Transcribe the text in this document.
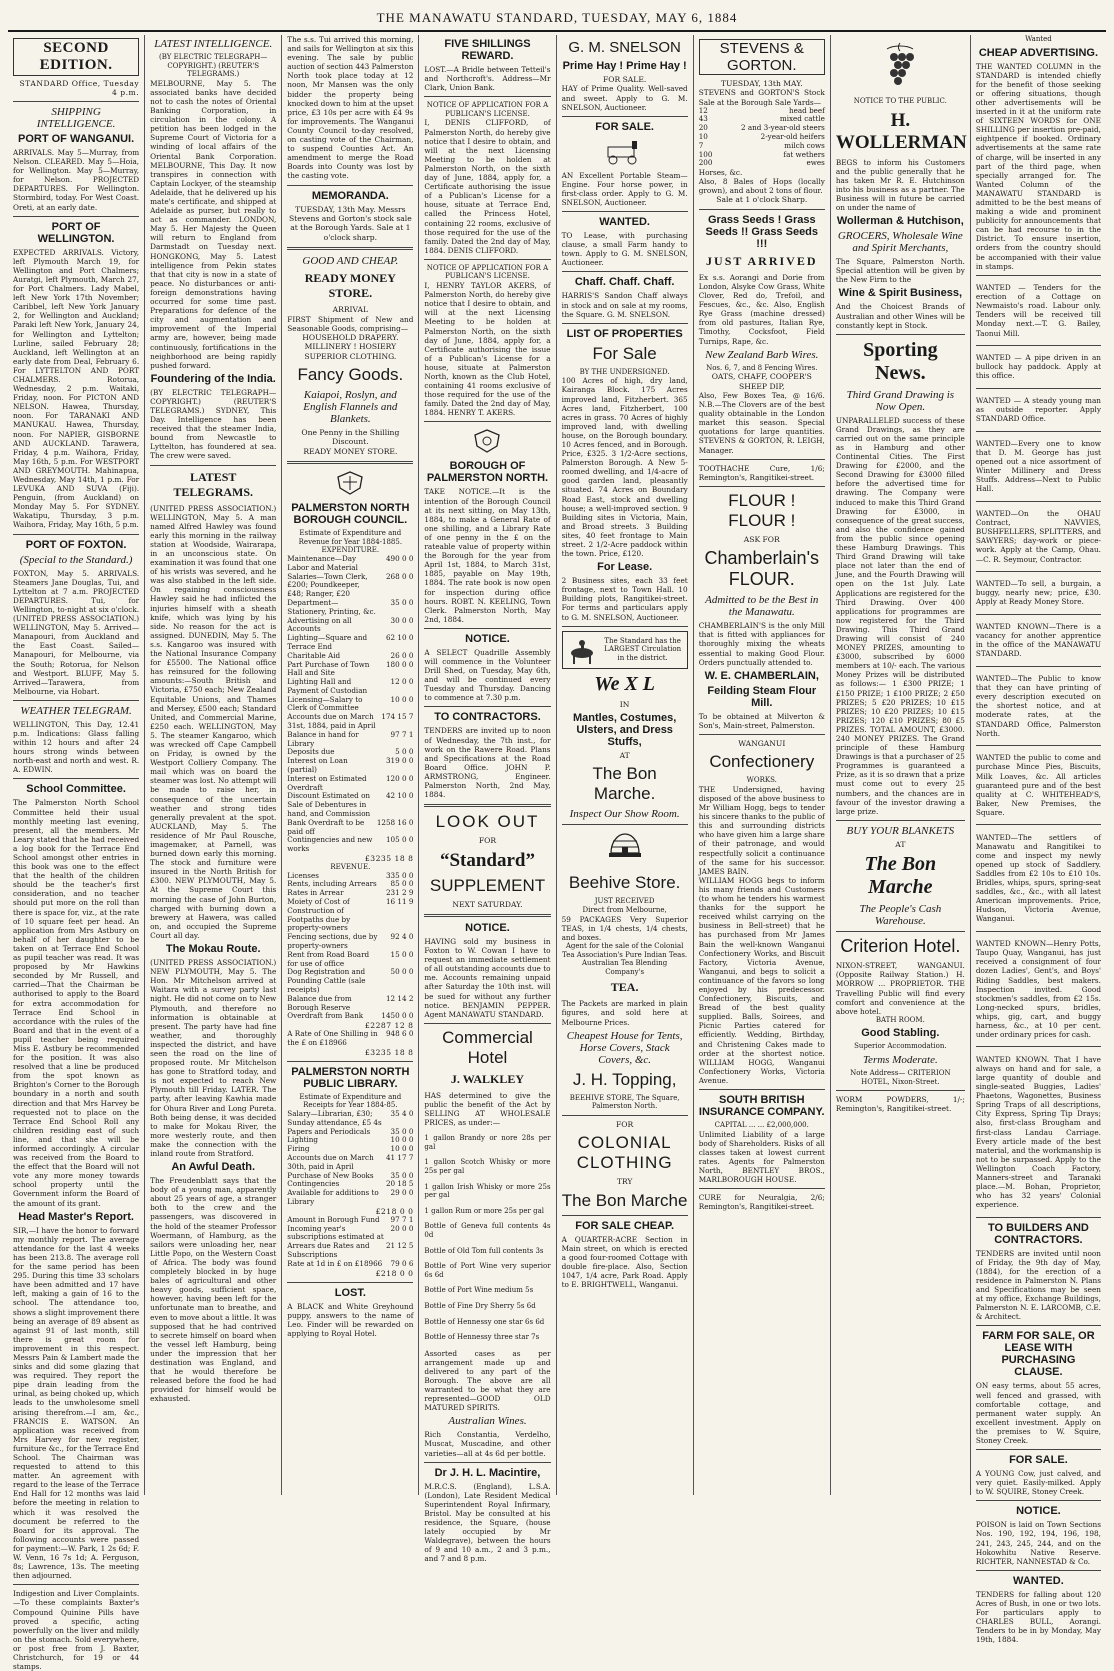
THE MANAWATU STANDARD, TUESDAY, MAY 6, 1884

SECOND EDITION.

STANDARD Office, Tuesday 4 p.m.

SHIPPING INTELLIGENCE.

PORT OF WANGANUI.

ARRIVALS. May 5—Murray, from Nelson. CLEARED. May 5—Hoia, for Wellington. May 5—Murray, for Nelson. PROJECTED DEPARTURES. For Wellington. Stormbird, today. For West Coast. Oreti, at an early date.

PORT OF WELLINGTON.

EXPECTED ARRIVALS. Victory, left Plymouth March 19, for Wellington and Port Chalmers; Auratgi, left Plymouth, March 27, for Port Chalmers. Lady Mabel, left New York 17th November; Caribbel, left New York January 2, for Wellington and Auckland; Paraki left New York, January 24, for Wellington and Lyttelton; Lurline, sailed February 28; Auckland, left Wellington at an early date from Deal, February 6. For LYTTELTON AND PORT CHALMERS. Rotorua, Wednesday, 2 p.m. Waitaki, Friday, noon. For PICTON AND NELSON. Hawea, Thursday, noon. For TARANAKI AND MANUKAU. Hawea, Thursday, noon. For NAPIER, GISBORNE AND AUCKLAND. Tarawera, Friday, 4 p.m. Waihora, Friday, May 16th, 5 p.m. For WESTPORT AND GREYMOUTH. Mahinapua, Wednesday, May 14th, 1 p.m. For LEVUKA AND SUVA (Fiji). Penguin, (from Auckland) on Monday May 5. For SYDNEY. Wakatipu, Thursday, 3 p.m. Waihora, Friday, May 16th, 5 p.m.

PORT OF FOXTON.

(Special to the Standard.)

FOXTON, May 5. ARRIVALS. Steamers Jane Douglas, Tui, and Lyttelton at 7 a.m. PROJECTED DEPARTURES. Tui, for Wellington, to-night at six o'clock. (UNITED PRESS ASSOCIATION.) WELLINGTON, May 5. Arrived—Manapouri, from Auckland and the East Coast. Sailed—Manapouri, for Melbourne, via the South; Rotorua, for Nelson and Westport. BLUFF, May 5. Arrived—Tarawera, from Melbourne, via Hobart.

WEATHER TELEGRAM.

WELLINGTON, This Day, 12.41 p.m. Indications: Glass falling within 12 hours and after 24 hours strong winds between north-east and north and west. R. A. EDWIN.

School Committee.

The Palmerston North School Committee held their usual monthly meeting last evening, present, all the members. Mr Leary stated that he had received a log book for the Terrace End School amongst other entries in this book was one to the effect that the health of the children should be the teacher's first consideration, and no teacher should put more on the roll than there is space for, viz., at the rate of 10 square feet per head. An application from Mrs Astbury on behalf of her daughter to be taken on at Terrace End School as pupil teacher was read. It was proposed by Mr Hawkins seconded by Mr Russell, and carried—That the Chairman be authorised to apply to the Board for extra accommodation for Terrace End School in accordance with the rules of the Board and that in the event of a pupil teacher being required Miss E. Astbury be recommended for the position. It was also resolved that a line be produced from the spot known as Brighton's Corner to the Borough boundary in a north and south direction and that Mrs Harvey be requested not to place on the Terrace End School Roll any children residing east of such line, and that she will be informed accordingly. A circular was received from the Board to the effect that the Board will not vote any more money towards school property until the Government inform the Board of the amount of its grant.

Head Master's Report.

SIR,—I have the honor to forward my monthly report. The average attendance for the last 4 weeks has been 213.8. The average roll for the same period has been 295. During this time 33 scholars have been admitted and 17 have left, making a gain of 16 to the school. The attendance too, shows a slight improvement there being an average of 89 absent as against 91 of last month, still there is great room for improvement in this respect. Messrs Pain & Lambert made the sinks and did some glazing that was required. They report the pipe drain leading from the urinal, as being choked up, which leads to the unwholesome smell arising therefrom.—I am, &c., FRANCIS E. WATSON. An application was received from Mrs Harvey for new register, furniture &c., for the Terrace End School. The Chairman was requested to attend to this matter. An agreement with regard to the lease of the Terrace End Hall for 12 months was laid before the meeting in relation to which it was resolved the document be referred to the Board for its approval. The following accounts were passed for payment:—W. Park, 1 2s 6d; F. W. Venn, 16 7s 1d; A. Ferguson, 8s; Lawrence, 13s. The meeting then adjourned.

Indigestion and Liver Complaints.—To these complaints Baxter's Compound Quinine Pills have proved a specific, acting powerfully on the liver and mildly on the stomach. Sold everywhere, or post free from J. Baxter, Christchurch, for 19 or 44 stamps.

LATEST INTELLIGENCE.

(BY ELECTRIC TELEGRAPH—COPYRIGHT.) (REUTER'S TELEGRAMS.)

MELBOURNE, May 5. The associated banks have decided not to cash the notes of Oriental Banking Corporation, in circulation in the colony. A petition has been lodged in the Supreme Court of Victoria for a winding of local affairs of the Oriental Bank Corporation. MELBOURNE, This Day. It now transpires in connection with Captain Lockyer, of the steamship Adelaide, that he delivered up his mate's certificate, and shipped at Adelaide as purser, but really to act as commander. LONDON, May 5. Her Majesty the Queen will return to England from Darmstadt on Tuesday next. HONGKONG, May 5. Latest intelligence from Pekin states that that city is now in a state of peace. No disturbances or anti-foreign demonstrations having occurred for some time past. Preparations for defence of the city and augmentation and improvement of the Imperial army are, however, being made continuously, fortifications in the neighborhood are being rapidly pushed forward.

Foundering of the India.

(BY ELECTRIC TELEGRAPH—COPYRIGHT.) (REUTER'S TELEGRAMS.) SYDNEY, This Day. Intelligence has been received that the steamer India, bound from Newcastle to Lyttelton, has foundered at sea. The crew were saved.

LATEST TELEGRAMS.

(UNITED PRESS ASSOCIATION.) WELLINGTON, May 5. A man named Alfred Hawley was found early this morning in the railway station at Woodside, Wairarapa, in an unconscious state. On examination it was found that one of his wrists was severed, and he was also stabbed in the left side. On regaining consciousness Hawley said he had inflicted the injuries himself with a sheath knife, which was lying by his side. No reason for the act is assigned. DUNEDIN, May 5. The s.s. Kangaroo was insured with the National Insurance Company for £5500. The National office has reinsured for the following amounts:—South British and Victoria, £750 each; New Zealand Equitable Unions, and Thames and Mersey, £500 each; Standard United, and Commercial Marine, £250 each. WELLINGTON, May 5. The steamer Kangaroo, which was wrecked off Cape Campbell on Friday, is owned by the Westport Colliery Company. The mail which was on board the steamer was lost. No attempt will be made to raise her, in consequence of the uncertain weather and strong tides generally prevalent at the spot. AUCKLAND, May 5. The residence of Mr Paul Rousche, imagemaker, at Parnell, was burned down early this morning. The stock and furniture were insured in the North British for £300. NEW PLYMOUTH, May 5. At the Supreme Court this morning the case of John Burton, charged with burning down a brewery at Hawera, was called on, and occupied the Supreme Court all day.

The Mokau Route.

(UNITED PRESS ASSOCIATION.) NEW PLYMOUTH, May 5. The Hon. Mr Mitchelson arrived at Waitara with a survey party last night. He did not come on to New Plymouth, and therefore no information is obtainable at present. The party have had fine weather, and thoroughly inspected the district, and have seen the road on the line of proposed route. Mr Mitchelson has gone to Stratford today, and is not expected to reach New Plymouth till Friday. LATER. The party, after leaving Kawhia made for Ohura River and Long Pureta. Both being dense, it was decided to make for Mokau River, the more westerly route, and then make the connection with the inland route from Stratford.

An Awful Death.

The Freudenblatt says that the body of a young man, apparently about 25 years of age, a stranger both to the crew and the passengers, was discovered in the hold of the steamer Professor Woermann, of Hamburg, as the sailors were unloading her, near Little Popo, on the Western Coast of Africa. The body was found completely blocked in by huge bales of agricultural and other heavy goods, sufficient space, however, having been left for the unfortunate man to breathe, and even to move about a little. It was supposed that he had contrived to secrete himself on board when the vessel left Hamburg, being under the impression that her destination was England, and that he would therefore be released before the food he had provided for himself would be exhausted.

The s.s. Tui arrived this morning, and sails for Wellington at six this evening. The sale by public auction of section 443 Palmerston North took place today at 12 noon, Mr Mansen was the only bidder the property being knocked down to him at the upset price, £3 10s per acre with £4 9s for improvements. The Wanganui County Council to-day resolved, on casting vote of the Chairman, to suspend Counties Act. An amendment to merge the Road Boards into County was lost by the casting vote.

MEMORANDA.

TUESDAY, 13th May. Messrs Stevens and Gorton's stock sale at the Borough Yards. Sale at 1 o'clock sharp.

GOOD AND CHEAP.

READY MONEY STORE.

ARRIVAL

FIRST Shipment of New and Seasonable Goods, comprising—

HOUSEHOLD DRAPERY.

MILLINERY ! HOSIERY

SUPERIOR CLOTHING.

Fancy Goods.

Kaiapoi, Roslyn, and English Flannels and Blankets.

One Penny in the Shilling Discount.

READY MONEY STORE.

PALMERSTON NORTH BOROUGH COUNCIL.

Estimate of Expenditure and Revenue for Year 1884-1885.

EXPENDITURE.

Maintenance—Day Labor and Material	490 0 0
Salaries—Town Clerk, £200; Poundkeeper, £48; Ranger, £20	268 0 0
Department—Stationery, Printing, &c.	35 0 0
Advertising on all Accounts	30 0 0
Lighting—Square and Terrace End	62 10 0
Charitable Aid	26 0 0
Part Purchase of Town Hall and Site	180 0 0
Lighting Hall and Payment of Custodian	12 0 0
Licensing—Salary to Clerk of Committee	10 0 0
Accounts due on March 31st, 1884, paid in April	174 15 7
Balance in hand for Library	97 7 1
Deposits due	5 0 0
Interest on Loan (partial)	319 0 0
Interest on Estimated Overdraft	120 0 0
Discount Estimated on Sale of Debentures in hand, and Commission	42 10 0
Bank Overdraft to be paid off	1258 16 0
Contingencies and new works	105 0 0

£3235 18 8

REVENUE.

Licenses	335 0 0
Rents, including Arrears	85 0 0
Rates in Arrear	231 2 9
Moiety of Cost of Construction of Footpaths due by property-owners	16 11 9
Fencing sections, due by property-owners	92 4 0
Rent from Road Board for use of office	15 0 0
Dog Registration and Pounding Cattle (sale receipts)	50 0 0
Balance due from Borough Reserve	12 14 2
Overdraft from Bank	1450 0 0

£2287 12 8

A Rate of One Shilling in the £ on £18966	948 6 0

£3235 18 8

PALMERSTON NORTH PUBLIC LIBRARY.

Estimate of Expenditure and Receipts for Year 1884-85.

Salary—Librarian, £30; Sunday attendance, £5 4s	35 4 0
Papers and Periodicals	35 0 0
Lighting	10 0 0
Firing	10 0 0
Accounts due on March 30th, paid in April	41 17 7
Purchase of New Books	35 0 0
Contingencies	20 18 5
Available for additions to Library	29 0 0

£218 0 0

Amount in Borough Fund	97 7 1
Incoming year's subscriptions estimated at	20 0 0
Arrears due Rates and Subscriptions	21 12 5
Rate at 1d in £ on £18966	79 0 6

£218 0 0

LOST.

A BLACK and White Greyhound puppy, answers to the name of Leo. Finder will be rewarded on applying to Royal Hotel.

FIVE SHILLINGS REWARD.

LOST.—A Bridle between Tetteil's and Northcroft's. Address—Mr Clark, Union Bank.

NOTICE OF APPLICATION FOR A PUBLICAN'S LICENSE.

I, DENIS CLIFFORD, of Palmerston North, do hereby give notice that I desire to obtain, and will at the next Licensing Meeting to be holden at Palmerston North, on the sixth day of June, 1884, apply for, a Certificate authorising the issue of a Publican's License for a house, situate at Terrace End, called the Princess Hotel, containing 22 rooms, exclusive of those required for the use of the family. Dated the 2nd day of May, 1884. DENIS CLIFFORD.

NOTICE OF APPLICATION FOR A PUBLICAN'S LICENSE.

I, HENRY TAYLOR AKERS, of Palmerston North, do hereby give notice that I desire to obtain, and will at the next Licensing Meeting to be holden at Palmerston North, on the sixth day of June, 1884, apply for, a Certificate authorising the issue of a Publican's License for a house, situate at Palmerston North, known as the Club Hotel, containing 41 rooms exclusive of those required for the use of the family. Dated the 2nd day of May, 1884. HENRY T. AKERS.

BOROUGH OF PALMERSTON NORTH.

TAKE NOTICE.—It is the intention of the Borough Council at its next sitting, on May 13th, 1884, to make a General Rate of one shilling, and a Library Rate of one penny in the £ on the rateable value of property within the Borough for the year from April 1st, 1884, to March 31st, 1885, payable on May 19th, 1884. The rate book is now open for inspection during office hours. ROBT. N. KEELING, Town Clerk. Palmerston North, May 2nd, 1884.

NOTICE.

A SELECT Quadrille Assembly will commence in the Volunteer Drill Shed, on Tuesday, May 6th, and will be continued every Tuesday and Thursday. Dancing to commence at 7.30 p.m.

TO CONTRACTORS.

TENDERS are invited up to noon of Wednesday, the 7th inst., for work on the Rawere Road. Plans and Specifications at the Road Board Office. JOHN P. ARMSTRONG, Engineer. Palmerston North, 2nd May, 1884.

LOOK OUT

FOR

“Standard”

SUPPLEMENT

NEXT SATURDAY.

NOTICE.

HAVING sold my business in Foxton to W. Cowan I have to request an immediate settlement of all outstanding accounts due to me. Accounts remaining unpaid after Saturday the 10th inst. will be sued for without any further notice. BENJAMIN PEPPER. Agent MANAWATU STANDARD.

Commercial Hotel

J. WALKLEY

HAS determined to give the public the benefit of the Act by SELLING AT WHOLESALE PRICES, as under:—

1 gallon Brandy or nore 28s per gal

1 gallon Scotch Whisky or more 25s per gal

1 gallon Irish Whisky or more 25s per gal

1 gallon Rum or more 25s per gal

Bottle of Geneva full contents 4s 0d

Bottle of Old Tom full contents 3s

Bottle of Port Wine very superior 6s 6d

Bottle of Port Wine medium 5s

Bottle of Fine Dry Sherry 5s 6d

Bottle of Hennessy one star 6s 6d

Bottle of Hennessy three star 7s

Assorted cases as per arrangement made up and delivered to any part of the Borough. The above are all warranted to be what they are represented—GOOD OLD MATURED SPIRITS.

Australian Wines.

Rich Constantia, Verdelho, Muscat, Muscadine, and other varieties—all at 4s 6d per bottle.

Dr J. H. L. Macintire,

M.R.C.S. (England), L.S.A. (London), Late Resident Medical Superintendent Royal Infirmary, Bristol. May be consulted at his residence, the Square, (house lately occupied by Mr Waldegrave), between the hours of 9 and 10 a.m., 2 and 3 p.m., and 7 and 8 p.m.

G. M. SNELSON

Prime Hay ! Prime Hay !

FOR SALE.

HAY of Prime Quality. Well-saved and sweet. Apply to G. M. SNELSON, Auctioneer.

FOR SALE.

AN Excellent Portable Steam—Engine. Four horse power, in first-class order. Apply to G. M. SNELSON, Auctioneer.

WANTED.

TO Lease, with purchasing clause, a small Farm handy to town. Apply to G. M. SNELSON, Auctioneer.

Chaff. Chaff. Chaff.

HARRIS'S Sandon Chaff always in stock and on sale at my rooms, the Square. G. M. SNELSON.

LIST OF PROPERTIES

For Sale

BY THE UNDERSIGNED.

100 Acres of high, dry land, Kairanga Block. 175 Acres improved land, Fitzherbert. 365 Acres land, Fitzherbert, 100 acres in grass. 70 Acres of highly improved land, with dwelling house, on the Borough boundary. 10 Acres fenced, and in Borough. Price, £325. 3 1/2-Acre sections, Palmerston Borough. A New 5-roomed dwelling, and 1/4-acre of good garden land, pleasantly situated. 74 Acres on Boundary Road East, stock and dwelling house; a well-improved section. 9 Building sites in Victoria, Main, and Broad streets. 3 Building sites, 40 feet frontage to Main street. 2 1/2-Acre paddock within the town. Price, £120.

For Lease.

2 Business sites, each 33 feet frontage, next to Town Hall. 10 Building plots, Rangitikei-street. For terms and particulars apply to G. M. SNELSON, Auctioneer.

The Standard has the LARGEST Circulation in the district.

We X L

IN

Mantles, Costumes, Ulsters, and Dress Stuffs,

AT

The Bon Marche.

Inspect Our Show Room.

Beehive Store.

JUST RECEIVED

Direct from Melbourne,

59 PACKAGES Very Superior TEAS, in 1/4 chests, 1/4 chests, and boxes.

Agent for the sale of the Colonial Tea Association's Pure Indian Teas.

Australian Tea Blending Company's

TEA.

The Packets are marked in plain figures, and sold here at Melbourne Prices.

Cheapest House for Tents, Horse Covers, Stack Covers, &c.

J. H. Topping,

BEEHIVE STORE, The Square, Palmerston North.

FOR

COLONIAL CLOTHING

TRY

The Bon Marche

FOR SALE CHEAP.

A QUARTER-ACRE Section in Main street, on which is erected a good four-roomed Cottage with double fire-place. Also, Section 1047, 1/4 acre, Park Road. Apply to E. BRIGHTWELL, Wanganui.

STEVENS & GORTON.

TUESDAY, 13th MAY.

STEVENS and GORTON'S Stock Sale at the Borough Sale Yards—

12	head beef
43	mixed cattle
20	2 and 3-year-old steers
10	2-year-old heifers
7	milch cows
100	fat wethers
200	ewes

Horses, &c.

Also, 8 Bales of Hops (locally grown), and about 2 tons of flour.

Sale at 1 o'clock Sharp.

Grass Seeds ! Grass Seeds !! Grass Seeds !!!

JUST ARRIVED

Ex s.s. Aorangi and Dorie from London, Alsyke Cow Grass, White Clover, Red do, Trefoil, and Fescues, &c., &c. Also, English Rye Grass (machine dressed) from old pastures, Italian Rye, Timothy, Cocksfoot, Field Turnips, Rape, &c.

New Zealand Barb Wires.

Nos. 6, 7, and 8 Fencing Wires.

OATS, CHAFF, COOPER'S SHEEP DIP,

Also, Few Boxes Tea, @ 16/6. N.B.—The Clovers are of the best quality obtainable in the London market this season. Special quotations for large quantities. STEVENS & GORTON, R. LEIGH, Manager.

TOOTHACHE Cure, 1/6; Remington's, Rangitikei-street.

FLOUR ! FLOUR !

ASK FOR

Chamberlain's FLOUR.

Admitted to be the Best in the Manawatu.

CHAMBERLAIN'S is the only Mill that is fitted with appliances for thoroughly mixing the wheats essential to making Good Flour. Orders punctually attended to.

W. E. CHAMBERLAIN,

Feilding Steam Flour Mill.

To be obtained at Milverton & Son's, Main-street, Palmerston.

WANGANUI

Confectionery

WORKS.

THE Undersigned, having disposed of the above business to Mr William Hogg, begs to tender his sincere thanks to the public of this and surrounding districts who have given him a large share of their patronage, and would respectfully solicit a continuance of the same for his successor. JAMES BAIN.

WILLIAM HOGG begs to inform his many friends and Customers (to whom he tenders his warmest thanks for the support he received whilst carrying on the business in Bell-street) that he has purchased from Mr James Bain the well-known Wanganui Confectionery Works, and Biscuit Factory, Victoria Avenue, Wanganui, and begs to solicit a continuance of the favors so long enjoyed by his predecessor. Confectionery, Biscuits, and Bread of the best quality supplied. Balls, Soirees, and Picnic Parties catered for efficiently. Wedding, Birthday, and Christening Cakes made to order at the shortest notice. WILLIAM HOGG, Wanganui Confectionery Works, Victoria Avenue.

SOUTH BRITISH INSURANCE COMPANY.

CAPITAL ... ... £2,000,000.

Unlimited Liability of a large body of Shareholders. Risks of all classes taken at lowest current rates. Agents for Palmerston North, BENTLEY BROS., MARLBOROUGH HOUSE.

CURE for Neuralgia, 2/6; Remington's, Rangitikei-street.

NOTICE TO THE PUBLIC.

H. WOLLERMAN

BEGS to inform his Customers and the public generally that he has taken Mr R. E. Hutchinson into his business as a partner. The Business will in future be carried on under the name of

Wollerman & Hutchison,

GROCERS, Wholesale Wine and Spirit Merchants,

The Square, Palmerston North. Special attention will be given by the New Firm to the

Wine & Spirit Business,

And the Choicest Brands of Australian and other Wines will be constantly kept in Stock.

Sporting News.

Third Grand Drawing is Now Open.

UNPARALLELED success of these Grand Drawings, as they are carried out on the same principle as in Hamburg and other Continental Cities. The First Drawing for £2000, and the Second Drawing for £3000 filled before the advertised time for drawing. The Company were induced to make this Third Grand Drawing for £3000, in consequence of the great success, and also the confidence gained from the public since opening these Hamburg Drawings. This Third Grand Drawing will take place not later than the end of June, and the Fourth Drawing will open on the 1st July. Late Applications are registered for the Third Drawing. Over 400 applications for programmes are now registered for the Third Drawing. This Third Grand Drawing will consist of 240 MONEY PRIZES, amounting to £3000, subscribed by 6000 members at 10/- each. The various Money Prizes will be distributed as follows:— 1 £300 PRIZE; 1 £150 PRIZE; 1 £100 PRIZE; 2 £50 PRIZES; 5 £20 PRIZES; 10 £15 PRIZES; 10 £20 PRIZES; 10 £15 PRIZES; 120 £10 PRIZES; 80 £5 PRIZES. TOTAL AMOUNT, £3000. 240 MONEY PRIZES. The Grand principle of these Hamburg Drawings is that a purchaser of 25 Programmes is guaranteed a Prize, as it is so drawn that a prize must come out to every 25 numbers, and the chances are in favour of the investor drawing a large prize.

BUY YOUR BLANKETS

AT

The Bon Marche

The People's Cash Warehouse.

Criterion Hotel.

NIXON-STREET, WANGANUI. (Opposite Railway Station.) H. MORROW ... PROPRIETOR. THE Travelling Public will find every comfort and convenience at the above hotel.

BATH ROOM.

Good Stabling.

Superior Accommodation.

Terms Moderate.

Note Address— CRITERION HOTEL, Nixon-Street.

WORM POWDERS, 1/-; Remington's, Rangitikei-street.

Wanted

CHEAP ADVERTISING.

THE WANTED COLUMN in the STANDARD is intended chiefly for the benefit of those seeking or offering situations, though other advertisements will be inserted in it at the uniform rate of SIXTEEN WORDS for ONE SHILLING per insertion pre-paid, eightpence if booked. Ordinary advertisements at the same rate of charge, will be inserted in any part of the third page, when specially arranged for. The Wanted Column of the MANAWATU STANDARD is admitted to be the best means of making a wide and prominent publicity for announcements that can be had recourse to in the District. To ensure insertion, orders from the country should be accompanied with their value in stamps.

WANTED — Tenders for the erection of a Cottage on Newmaisto's road. Labour only. Tenders will be received till Monday next.—T. G. Bailey, Taonui Mill.

WANTED — A pipe driven in an bullock hay paddock. Apply at this office.

WANTED — A steady young man as outside reporter. Apply STANDARD Office.

WANTED—Every one to know that D. M. George has just opened out a nice assortment of Winter Millinery and Dress Stuffs. Address—Next to Public Hall.

WANTED—On the OHAU Contract, NAVVIES, BUSHFELLERS, SPLITTERS, and SAWYERS; day-work or piece-work. Apply at the Camp, Ohau.—C. R. Seymour, Contractor.

WANTED—To sell, a burgain, a buggy, nearly new; price, £30. Apply at Ready Money Store.

WANTED KNOWN—There is a vacancy for another apprentice in the office of the MANAWATU STANDARD.

WANTED—The Public to know that they can have printing of every description executed on the shortest notice, and at moderate rates, at the STANDARD Office, Palmerston North.

WANTED the public to come and purchase Mince Pies, Biscuits, Milk Loaves, &c. All articles guaranteed pure and of the best quality at C. WHITEHEAD'S, Baker, New Premises, the Square.

WANTED—The settlers of Manawatu and Rangitikei to come and inspect my newly opened up stock of Saddlery. Saddles from £2 10s to £10 10s. Bridles, whips, spurs, spring-seat saddles, &c., &c., with all latest American improvements. Price, Hudson, Victoria Avenue, Wanganui.

WANTED KNOWN—Henry Potts, Taupo Quay, Wanganui, has just received a consignment of four dozen Ladies', Gent's, and Boys' Riding Saddles, best makers. Inspection invited. Good stockmen's saddles, from £2 15s. Long-necked spurs, bridles, whips, gig, cart, and buggy harness, &c., at 10 per cent. under ordinary prices for cash.

WANTED KNOWN. That I have always on hand and for sale, a large quantity of double and single-seated Buggies, Ladies' Phaetons, Wagonettes, Business Spring Traps of all descriptions, City Express, Spring Tip Drays; also, first-class Brougham and first-class Landau Carriage. Every article made of the best material, and the workmanship is not to be surpassed. Apply to the Wellington Coach Factory, Manners-street and Taranaki place.—M. Bohan, Proprietor, who has 32 years' Colonial experience.

TO BUILDERS AND CONTRACTORS.

TENDERS are invited until noon of Friday, the 9th day of May, (1884), for the erection of a residence in Palmerston N. Plans and Specifications may be seen at my office, Exchange Buildings, Palmerston N. E. LARCOMB, C.E. & Architect.

FARM FOR SALE, OR LEASE WITH PURCHASING CLAUSE.

ON easy terms, about 55 acres, well fenced and grassed, with comfortable cottage, and permanent water supply. An excellent investment. Apply on the premises to W. Squire, Stoney Creek.

FOR SALE.

A YOUNG Cow, just calved, and very quiet. Easily-milked. Apply to W. SQUIRE, Stoney Creek.

NOTICE.

POISON is laid on Town Sections Nos. 190, 192, 194, 196, 198, 241, 243, 245, 244, and on the Hokowhitu Native Reserve. RICHTER, NANNESTAD & Co.

WANTED.

TENDERS for falling about 120 Acres of Bush, in one or two lots. For particulars apply to CHARLES BULL, Aorangi. Tenders to be in by Monday, May 19th, 1884.
